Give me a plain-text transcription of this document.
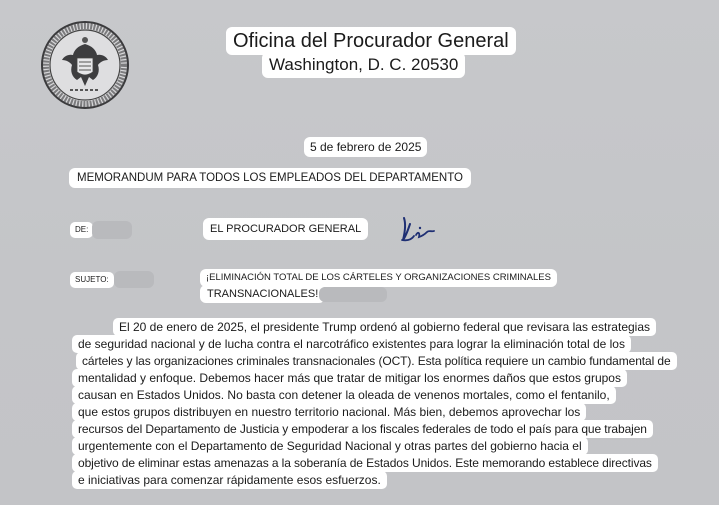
Oficina del Procurador General
Washington, D. C. 20530
5 de febrero de 2025
MEMORANDUM PARA TODOS LOS EMPLEADOS DEL DEPARTAMENTO
DE:	EL PROCURADOR GENERAL
SUJETO:	¡ELIMINACIÓN TOTAL DE LOS CÁRTELES Y ORGANIZACIONES CRIMINALES
TRANSNACIONALES!
El 20 de enero de 2025, el presidente Trump ordenó al gobierno federal que revisara las estrategias
de seguridad nacional y de lucha contra el narcotráfico existentes para lograr la eliminación total de los
cárteles y las organizaciones criminales transnacionales (OCT). Esta política requiere un cambio fundamental de
mentalidad y enfoque. Debemos hacer más que tratar de mitigar los enormes daños que estos grupos
causan en Estados Unidos. No basta con detener la oleada de venenos mortales, como el fentanilo,
que estos grupos distribuyen en nuestro territorio nacional. Más bien, debemos aprovechar los
recursos del Departamento de Justicia y empoderar a los fiscales federales de todo el país para que trabajen
urgentemente con el Departamento de Seguridad Nacional y otras partes del gobierno hacia el
objetivo de eliminar estas amenazas a la soberanía de Estados Unidos. Este memorando establece directivas
e iniciativas para comenzar rápidamente esos esfuerzos.
